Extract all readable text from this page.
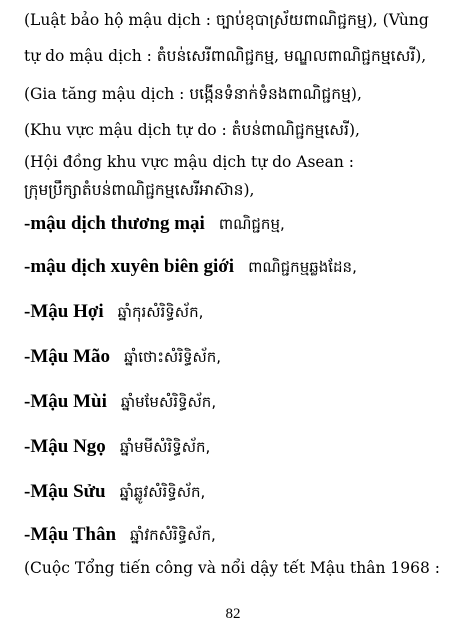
(Luật bảo hộ mậu dịch : ច្បាប់ខុបាស្រ័យពាណិជ្ជកម្ម), (Vùng
tự do mậu dịch : តំបន់សេរីពាណិជ្ជកម្ម, មណ្ឌលពាណិជ្ជកម្មសេរី),
(Gia tăng mậu dịch : បង្កើនទំនាក់ទំនងពាណិជ្ជកម្ម),
(Khu vực mậu dịch tự do : តំបន់ពាណិជ្ជកម្មសេរី),
(Hội đồng khu vực mậu dịch tự do Asean :
ក្រុមប្រឹក្សាតំបន់ពាណិជ្ជកម្មសេរីអាស៊ាន),
-mậu dịch thương mại ពាណិជ្ជកម្ម,
-mậu dịch xuyên biên giới ពាណិជ្ជកម្មឆ្លងដែន,
-Mậu Hợi ឆ្នាំកុរសំរិទ្ធិស័ក,
-Mậu Mão ឆ្នាំថោះសំរិទ្ធិស័ក,
-Mậu Mùi ឆ្នាំមមែសំរិទ្ធិស័ក,
-Mậu Ngọ ឆ្នាំមមីសំរិទ្ធិស័ក,
-Mậu Sửu ឆ្នាំឆ្លូវសំរិទ្ធិស័ក,
-Mậu Thân ឆ្នាំវកសំរិទ្ធិស័ក,
(Cuộc Tổng tiến công và nổi dậy tết Mậu thân 1968 :
82
